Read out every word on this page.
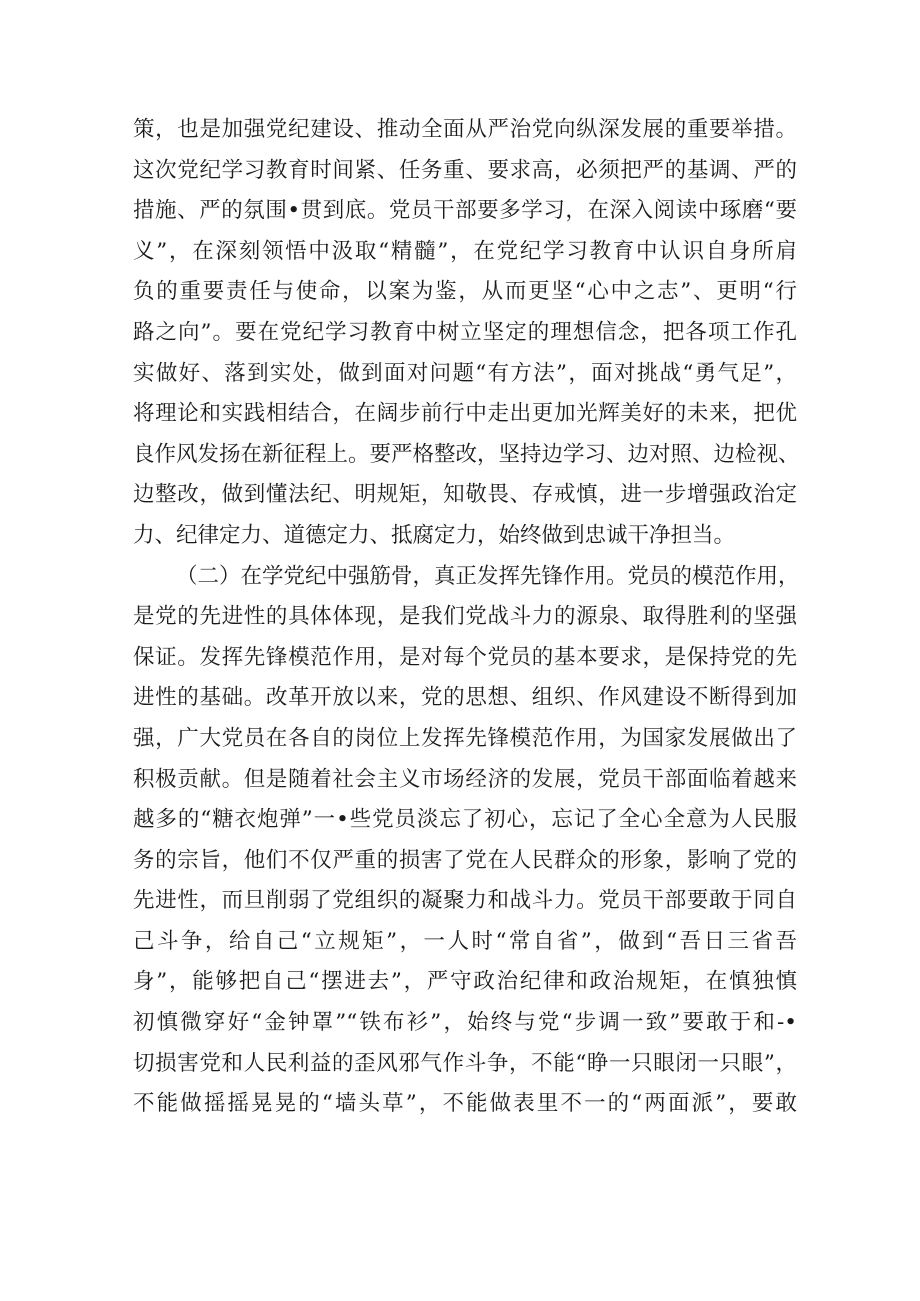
策，也是加强党纪建设、推动全面从严治党向纵深发展的重要举措。
这次党纪学习教育时间紧、任务重、要求高，必须把严的基调、严的
措施、严的氛围•贯到底。党员干部要多学习，在深入阅读中琢磨“要
义”，在深刻领悟中汲取“精髓”，在党纪学习教育中认识自身所肩
负的重要责任与使命，以案为鉴，从而更坚“心中之志”、更明“行
路之向”。要在党纪学习教育中树立坚定的理想信念，把各项工作孔
实做好、落到实处，做到面对问题“有方法”，面对挑战“勇气足”，
将理论和实践相结合，在阔步前行中走出更加光辉美好的未来，把优
良作风发扬在新征程上。要严格整改，坚持边学习、边对照、边检视、
边整改，做到懂法纪、明规矩，知敬畏、存戒慎，进一步增强政治定
力、纪律定力、道德定力、抵腐定力，始终做到忠诚干净担当。
（二）在学党纪中强筋骨，真正发挥先锋作用。党员的模范作用，
是党的先进性的具体体现，是我们党战斗力的源泉、取得胜利的坚强
保证。发挥先锋模范作用，是对每个党员的基本要求，是保持党的先
进性的基础。改革开放以来，党的思想、组织、作风建设不断得到加
强，广大党员在各自的岗位上发挥先锋模范作用，为国家发展做出了
积极贡献。但是随着社会主义市场经济的发展，党员干部面临着越来
越多的“糖衣炮弹”一•些党员淡忘了初心，忘记了全心全意为人民服
务的宗旨，他们不仅严重的损害了党在人民群众的形象，影响了党的
先进性，而旦削弱了党组织的凝聚力和战斗力。党员干部要敢于同自
己斗争，给自己“立规矩”，一人时“常自省”，做到“吾日三省吾
身”，能够把自己“摆进去”，严守政治纪律和政治规矩，在慎独慎
初慎微穿好“金钟罩”“铁布衫”，始终与党“步调一致”要敢于和-•
切损害党和人民利益的歪风邪气作斗争，不能“睁一只眼闭一只眼”，
不能做摇摇晃晃的“墙头草”，不能做表里不一的“两面派”，要敢
